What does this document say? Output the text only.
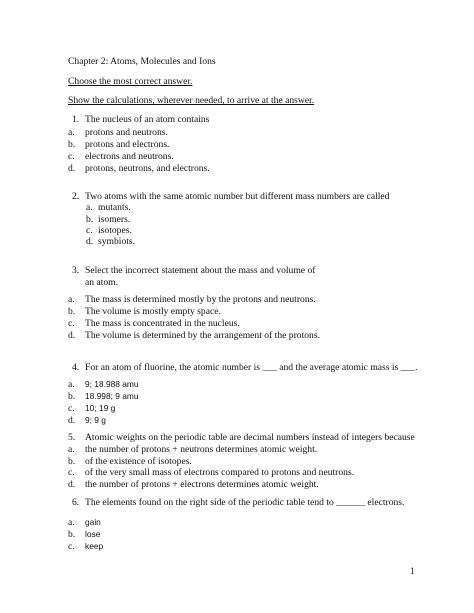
Chapter 2: Atoms, Molecules and Ions
Choose the most correct answer.
Show the calculations, wherever needed, to arrive at the answer.
1. The nucleus of an atom contains
a. protons and neutrons.
b. protons and electrons.
c. electrons and neutrons.
d. protons, neutrons, and electrons.
2. Two atoms with the same atomic number but different mass numbers are called
a. mutants.
b. isomers.
c. isotopes.
d. symbiots.
3. Select the incorrect statement about the mass and volume of
an atom.
a. The mass is determined mostly by the protons and neutrons.
b. The volume is mostly empty space.
c. The mass is concentrated in the nucleus.
d. The volume is determined by the arrangement of the protons.
4. For an atom of fluorine, the atomic number is ___ and the average atomic mass is ___.
a. 9; 18.988 amu
b. 18.998; 9 amu
c. 10; 19 g
d. 9; 9 g
5. Atomic weights on the periodic table are decimal numbers instead of integers because
a. the number of protons + neutrons determines atomic weight.
b. of the existence of isotopes.
c. of the very small mass of electrons compared to protons and neutrons.
d. the number of protons + electrons determines atomic weight.
6. The elements found on the right side of the periodic table tend to ______ electrons.
a. gain
b. lose
c. keep
1
